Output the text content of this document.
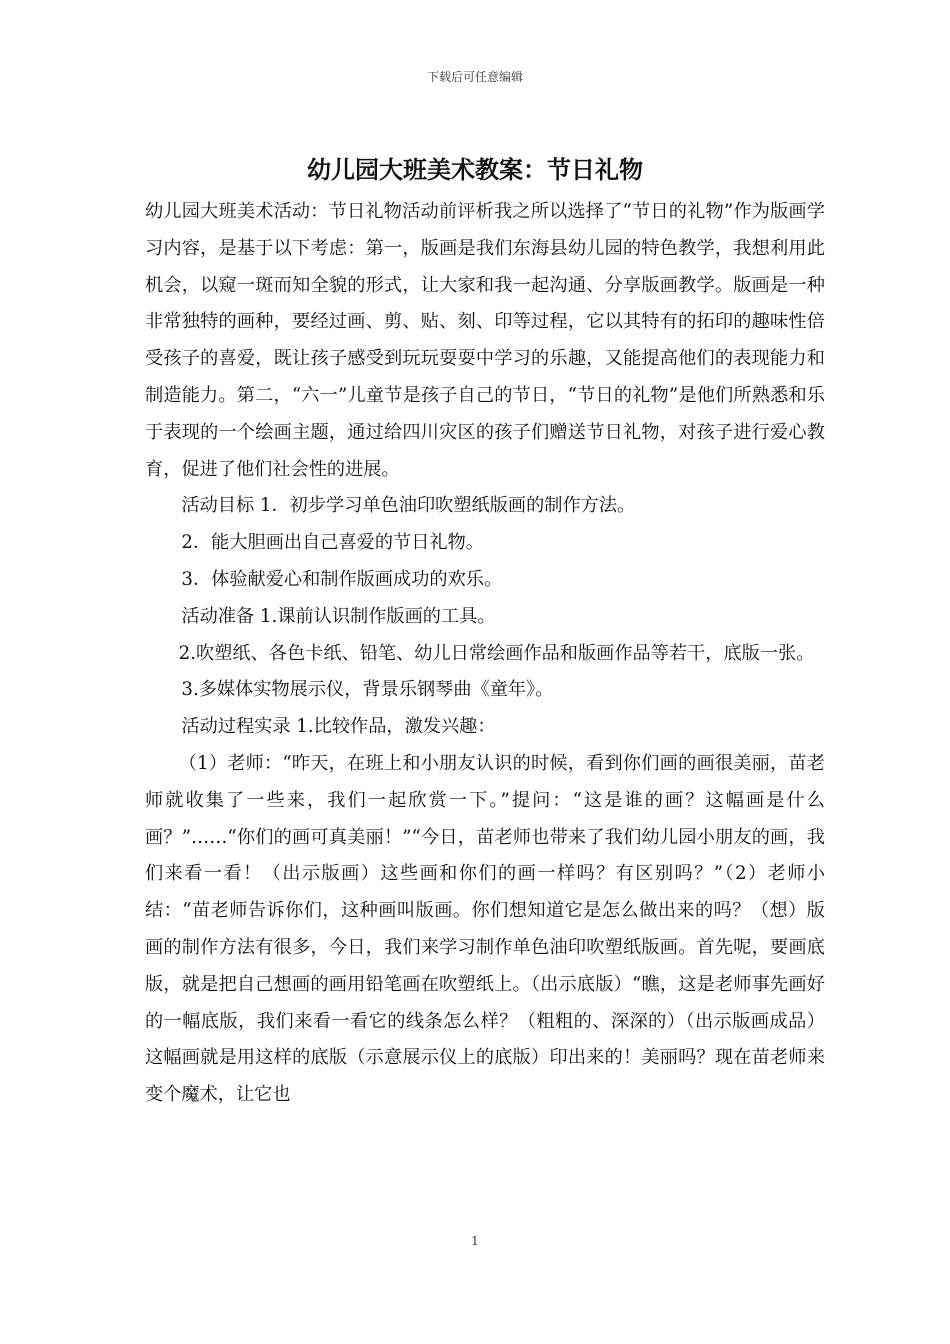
下载后可任意编辑
幼儿园大班美术教案：节日礼物

幼儿园大班美术活动：节日礼物活动前评析我之所以选择了“节日的礼物”作为版画学习内容，是基于以下考虑：第一，版画是我们东海县幼儿园的特色教学，我想利用此机会，以窥一斑而知全貌的形式，让大家和我一起沟通、分享版画教学。版画是一种非常独特的画种，要经过画、剪、贴、刻、印等过程，它以其特有的拓印的趣味性倍受孩子的喜爱，既让孩子感受到玩玩耍耍中学习的乐趣，又能提高他们的表现能力和制造能力。第二，“六一”儿童节是孩子自己的节日，“节日的礼物”是他们所熟悉和乐于表现的一个绘画主题，通过给四川灾区的孩子们赠送节日礼物，对孩子进行爱心教育，促进了他们社会性的进展。

活动目标 1．初步学习单色油印吹塑纸版画的制作方法。

2．能大胆画出自己喜爱的节日礼物。

3．体验献爱心和制作版画成功的欢乐。

活动准备 1.课前认识制作版画的工具。

2.吹塑纸、各色卡纸、铅笔、幼儿日常绘画作品和版画作品等若干，底版一张。

3.多媒体实物展示仪，背景乐钢琴曲《童年》。

活动过程实录 1.比较作品，激发兴趣：

（1）老师：“昨天，在班上和小朋友认识的时候，看到你们画的画很美丽，苗老师就收集了一些来，我们一起欣赏一下。”提问：“这是谁的画？这幅画是什么画？”……“你们的画可真美丽！”“今日，苗老师也带来了我们幼儿园小朋友的画，我们来看一看！（出示版画）这些画和你们的画一样吗？有区别吗？”（2）老师小结：“苗老师告诉你们，这种画叫版画。你们想知道它是怎么做出来的吗？（想）版画的制作方法有很多，今日，我们来学习制作单色油印吹塑纸版画。首先呢，要画底版，就是把自己想画的画用铅笔画在吹塑纸上。（出示底版）“瞧，这是老师事先画好的一幅底版，我们来看一看它的线条怎么样？（粗粗的、深深的）（出示版画成品）这幅画就是用这样的底版（示意展示仪上的底版）印出来的！美丽吗？现在苗老师来变个魔术，让它也

1
